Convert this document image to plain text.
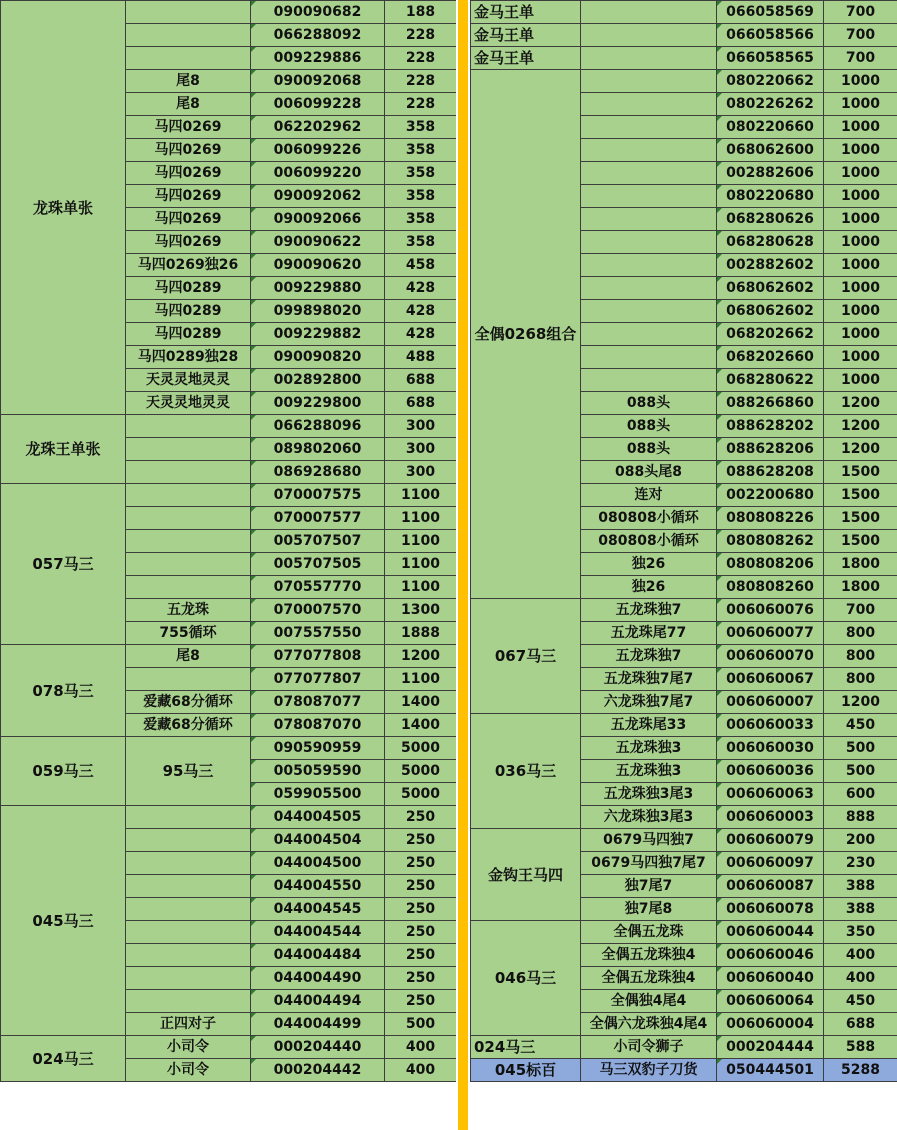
龙珠单张		090090682	188
		066288092	228
		009229886	228
	尾8	090092068	228
	尾8	006099228	228
	马四0269	062202962	358
	马四0269	006099226	358
	马四0269	006099220	358
	马四0269	090092062	358
	马四0269	090092066	358
	马四0269	090090622	358
	马四0269独26	090090620	458
	马四0289	009229880	428
	马四0289	099898020	428
	马四0289	009229882	428
	马四0289独28	090090820	488
	天灵灵地灵灵	002892800	688
	天灵灵地灵灵	009229800	688
龙珠王单张		066288096	300
		089802060	300
		086928680	300
057马三		070007575	1100
		070007577	1100
		005707507	1100
		005707505	1100
		070557770	1100
	五龙珠	070007570	1300
	755循环	007557550	1888
078马三	尾8	077077808	1200
		077077807	1100
	爱藏68分循环	078087077	1400
	爱藏68分循环	078087070	1400
059马三	95马三	090590959	5000
		005059590	5000
		059905500	5000
045马三		044004505	250
		044004504	250
		044004500	250
		044004550	250
		044004545	250
		044004544	250
		044004484	250
		044004490	250
		044004494	250
	正四对子	044004499	500
024马三	小司令	000204440	400
	小司令	000204442	400
金马王单		066058569	700
金马王单		066058566	700
金马王单		066058565	700
全偶0268组合		080220662	1000
		080226262	1000
		080220660	1000
		068062600	1000
		002882606	1000
		080220680	1000
		068280626	1000
		068280628	1000
		002882602	1000
		068062602	1000
		068062602	1000
		068202662	1000
		068202660	1000
		068280622	1000
	088头	088266860	1200
	088头	088628202	1200
	088头	088628206	1200
	088头尾8	088628208	1500
	连对	002200680	1500
	080808小循环	080808226	1500
	080808小循环	080808262	1500
	独26	080808206	1800
	独26	080808260	1800
067马三	五龙珠独7	006060076	700
	五龙珠尾77	006060077	800
	五龙珠独7	006060070	800
	五龙珠独7尾7	006060067	800
	六龙珠独7尾7	006060007	1200
036马三	五龙珠尾33	006060033	450
	五龙珠独3	006060030	500
	五龙珠独3	006060036	500
	五龙珠独3尾3	006060063	600
	六龙珠独3尾3	006060003	888
金钩王马四	0679马四独7	006060079	200
	0679马四独7尾7	006060097	230
	独7尾7	006060087	388
	独7尾8	006060078	388
046马三	全偶五龙珠	006060044	350
	全偶五龙珠独4	006060046	400
	全偶五龙珠独4	006060040	400
	全偶独4尾4	006060064	450
	全偶六龙珠独4尾4	006060004	688
024马三	小司令狮子	000204444	588
045标百	马三双豹子刀货	050444501	5288
